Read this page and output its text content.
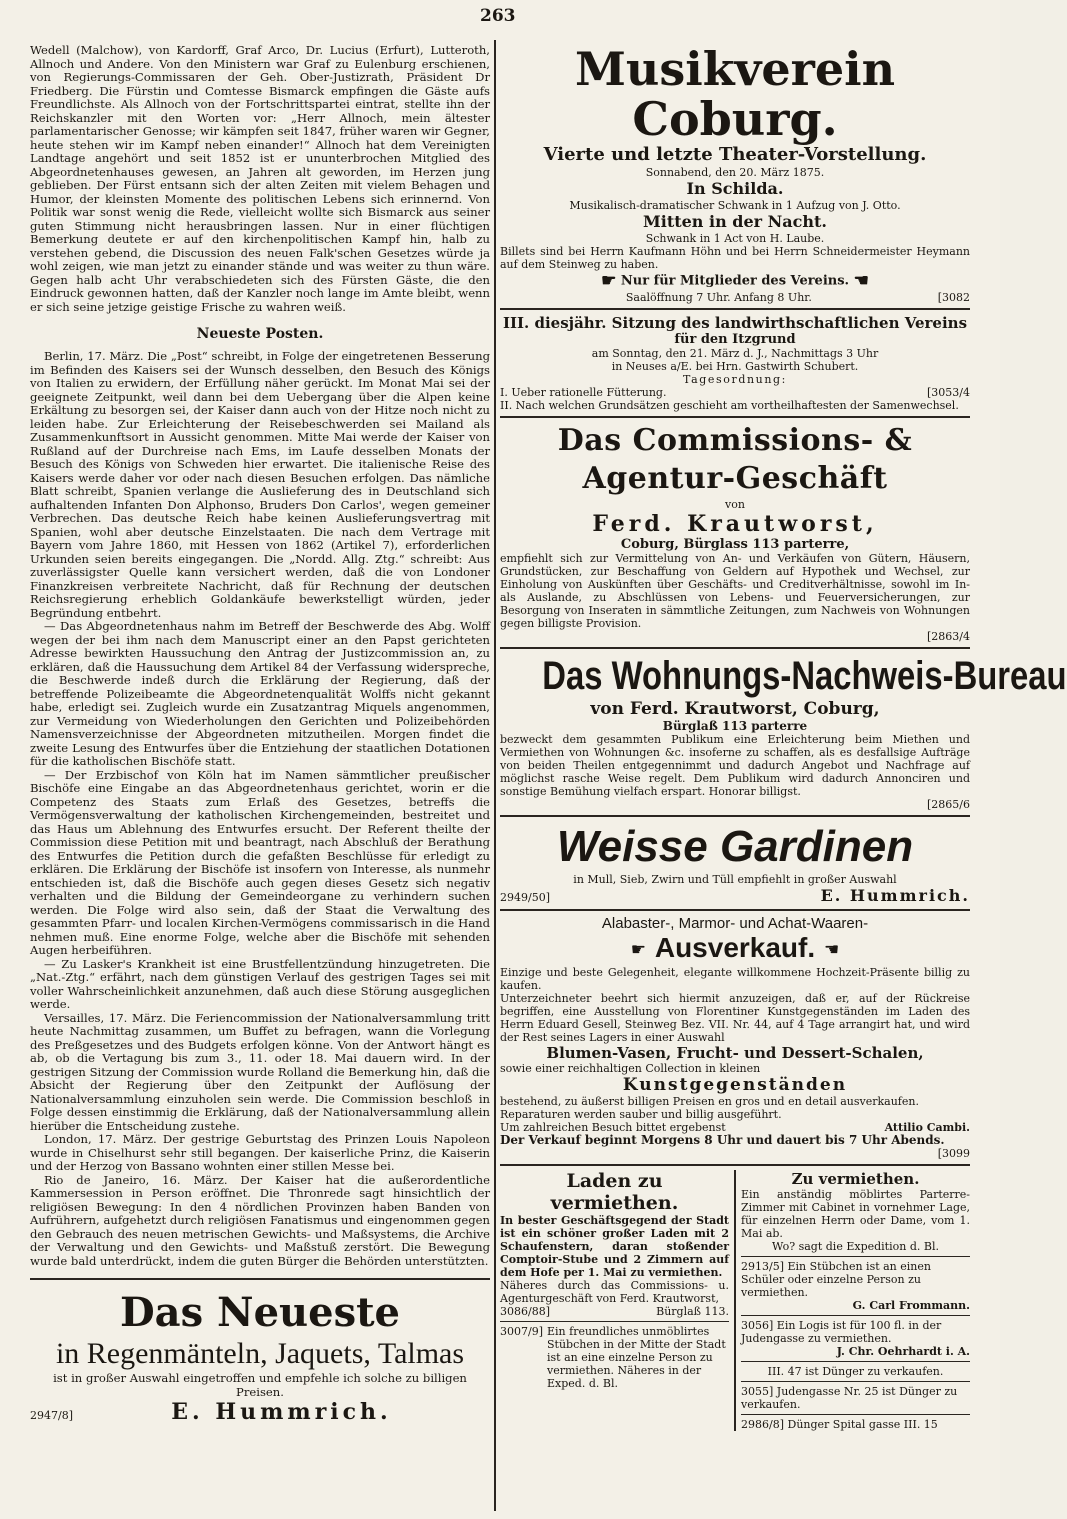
263

Wedell (Malchow), von Kardorff, Graf Arco, Dr. Lucius (Erfurt), Lutteroth, Allnoch und Andere. Von den Ministern war Graf zu Eulenburg erschienen, von Regierungs-Commissaren der Geh. Ober-Justizrath, Präsident Dr Friedberg. Die Fürstin und Comtesse Bismarck empfingen die Gäste aufs Freundlichste. Als Allnoch von der Fortschrittspartei eintrat, stellte ihn der Reichskanzler mit den Worten vor: „Herr Allnoch, mein ältester parlamentarischer Genosse; wir kämpfen seit 1847, früher waren wir Gegner, heute stehen wir im Kampf neben einander!“ Allnoch hat dem Vereinigten Landtage angehört und seit 1852 ist er ununterbrochen Mitglied des Abgeordnetenhauses gewesen, an Jahren alt geworden, im Herzen jung geblieben. Der Fürst entsann sich der alten Zeiten mit vielem Behagen und Humor, der kleinsten Momente des politischen Lebens sich erinnernd. Von Politik war sonst wenig die Rede, vielleicht wollte sich Bismarck aus seiner guten Stimmung nicht herausbringen lassen. Nur in einer flüchtigen Bemerkung deutete er auf den kirchenpolitischen Kampf hin, halb zu verstehen gebend, die Discussion des neuen Falk'schen Gesetzes würde ja wohl zeigen, wie man jetzt zu einander stände und was weiter zu thun wäre. Gegen halb acht Uhr verabschiedeten sich des Fürsten Gäste, die den Eindruck gewonnen hatten, daß der Kanzler noch lange im Amte bleibt, wenn er sich seine jetzige geistige Frische zu wahren weiß.

Neueste Posten.

Berlin, 17. März. Die „Post“ schreibt, in Folge der eingetretenen Besserung im Befinden des Kaisers sei der Wunsch desselben, den Besuch des Königs von Italien zu erwidern, der Erfüllung näher gerückt. Im Monat Mai sei der geeignete Zeitpunkt, weil dann bei dem Uebergang über die Alpen keine Erkältung zu besorgen sei, der Kaiser dann auch von der Hitze noch nicht zu leiden habe. Zur Erleichterung der Reisebeschwerden sei Mailand als Zusammenkunftsort in Aussicht genommen. Mitte Mai werde der Kaiser von Rußland auf der Durchreise nach Ems, im Laufe desselben Monats der Besuch des Königs von Schweden hier erwartet. Die italienische Reise des Kaisers werde daher vor oder nach diesen Besuchen erfolgen. Das nämliche Blatt schreibt, Spanien verlange die Auslieferung des in Deutschland sich aufhaltenden Infanten Don Alphonso, Bruders Don Carlos', wegen gemeiner Verbrechen. Das deutsche Reich habe keinen Auslieferungsvertrag mit Spanien, wohl aber deutsche Einzelstaaten. Die nach dem Vertrage mit Bayern vom Jahre 1860, mit Hessen von 1862 (Artikel 7), erforderlichen Urkunden seien bereits eingegangen. Die „Nordd. Allg. Ztg.“ schreibt: Aus zuverlässigster Quelle kann versichert werden, daß die von Londoner Finanzkreisen verbreitete Nachricht, daß für Rechnung der deutschen Reichsregierung erheblich Goldankäufe bewerkstelligt würden, jeder Begründung entbehrt.

— Das Abgeordnetenhaus nahm im Betreff der Beschwerde des Abg. Wolff wegen der bei ihm nach dem Manuscript einer an den Papst gerichteten Adresse bewirkten Haussuchung den Antrag der Justizcommission an, zu erklären, daß die Haussuchung dem Artikel 84 der Verfassung widerspreche, die Beschwerde indeß durch die Erklärung der Regierung, daß der betreffende Polizeibeamte die Abgeordnetenqualität Wolffs nicht gekannt habe, erledigt sei. Zugleich wurde ein Zusatzantrag Miquels angenommen, zur Vermeidung von Wiederholungen den Gerichten und Polizeibehörden Namensverzeichnisse der Abgeordneten mitzutheilen. Morgen findet die zweite Lesung des Entwurfes über die Entziehung der staatlichen Dotationen für die katholischen Bischöfe statt.

— Der Erzbischof von Köln hat im Namen sämmtlicher preußischer Bischöfe eine Eingabe an das Abgeordnetenhaus gerichtet, worin er die Competenz des Staats zum Erlaß des Gesetzes, betreffs die Vermögensverwaltung der katholischen Kirchengemeinden, bestreitet und das Haus um Ablehnung des Entwurfes ersucht. Der Referent theilte der Commission diese Petition mit und beantragt, nach Abschluß der Berathung des Entwurfes die Petition durch die gefaßten Beschlüsse für erledigt zu erklären. Die Erklärung der Bischöfe ist insofern von Interesse, als nunmehr entschieden ist, daß die Bischöfe auch gegen dieses Gesetz sich negativ verhalten und die Bildung der Gemeindeorgane zu verhindern suchen werden. Die Folge wird also sein, daß der Staat die Verwaltung des gesammten Pfarr- und localen Kirchen-Vermögens commissarisch in die Hand nehmen muß. Eine enorme Folge, welche aber die Bischöfe mit sehenden Augen herbeiführen.

— Zu Lasker's Krankheit ist eine Brustfellentzündung hinzugetreten. Die „Nat.-Ztg.“ erfährt, nach dem günstigen Verlauf des gestrigen Tages sei mit voller Wahrscheinlichkeit anzunehmen, daß auch diese Störung ausgeglichen werde.

Versailles, 17. März. Die Feriencommission der Nationalversammlung tritt heute Nachmittag zusammen, um Buffet zu befragen, wann die Vorlegung des Preßgesetzes und des Budgets erfolgen könne. Von der Antwort hängt es ab, ob die Vertagung bis zum 3., 11. oder 18. Mai dauern wird. In der gestrigen Sitzung der Commission wurde Rolland die Bemerkung hin, daß die Absicht der Regierung über den Zeitpunkt der Auflösung der Nationalversammlung einzuholen sein werde. Die Commission beschloß in Folge dessen einstimmig die Erklärung, daß der Nationalversammlung allein hierüber die Entscheidung zustehe.

London, 17. März. Der gestrige Geburtstag des Prinzen Louis Napoleon wurde in Chiselhurst sehr still begangen. Der kaiserliche Prinz, die Kaiserin und der Herzog von Bassano wohnten einer stillen Messe bei.

Rio de Janeiro, 16. März. Der Kaiser hat die außerordentliche Kammersession in Person eröffnet. Die Thronrede sagt hinsichtlich der religiösen Bewegung: In den 4 nördlichen Provinzen haben Banden von Aufrührern, aufgehetzt durch religiösen Fanatismus und eingenommen gegen den Gebrauch des neuen metrischen Gewichts- und Maßsystems, die Archive der Verwaltung und den Gewichts- und Maßstuß zerstört. Die Bewegung wurde bald unterdrückt, indem die guten Bürger die Behörden unterstützten.

Das Neueste
in Regenmänteln, Jaquets, Talmas

ist in großer Auswahl eingetroffen und empfehle ich solche zu billigen Preisen.

2947/8]	E. Hummrich.
Musikverein Coburg.
Vierte und letzte Theater-Vorstellung.
Sonnabend, den 20. März 1875.
In Schilda.
Musikalisch-dramatischer Schwank in 1 Aufzug von J. Otto.
Mitten in der Nacht.
Schwank in 1 Act von H. Laube.

Billets sind bei Herrn Kaufmann Höhn und bei Herrn Schneidermeister Heymann auf dem Steinweg zu haben.

☛ Nur für Mitglieder des Vereins. ☚
Saalöffnung 7 Uhr. Anfang 8 Uhr.	[3082
III. diesjähr. Sitzung des landwirthschaftlichen Vereins
für den Itzgrund
am Sonntag, den 21. März d. J., Nachmittags 3 Uhr
in Neuses a/E. bei Hrn. Gastwirth Schubert.
Tagesordnung:
I. Ueber rationelle Fütterung.	[3053/4
II. Nach welchen Grundsätzen geschieht am vortheilhaftesten der Samenwechsel.
Das Commissions- & Agentur-Geschäft
von
Ferd. Krautworst,
Coburg, Bürglass 113 parterre,

empfiehlt sich zur Vermittelung von An- und Verkäufen von Gütern, Häusern, Grundstücken, zur Beschaffung von Geldern auf Hypothek und Wechsel, zur Einholung von Auskünften über Geschäfts- und Creditverhältnisse, sowohl im In- als Auslande, zu Abschlüssen von Lebens- und Feuerversicherungen, zur Besorgung von Inseraten in sämmtliche Zeitungen, zum Nachweis von Wohnungen gegen billigste Provision.

[2863/4
Das Wohnungs-Nachweis-Bureau
von Ferd. Krautworst, Coburg,
Bürglaß 113 parterre

bezweckt dem gesammten Publikum eine Erleichterung beim Miethen und Vermiethen von Wohnungen &c. insoferne zu schaffen, als es desfallsige Aufträge von beiden Theilen entgegennimmt und dadurch Angebot und Nachfrage auf möglichst rasche Weise regelt. Dem Publikum wird dadurch Annonciren und sonstige Bemühung vielfach erspart. Honorar billigst.

[2865/6
Weisse Gardinen
in Mull, Sieb, Zwirn und Tüll empfiehlt in großer Auswahl
2949/50]	E. Hummrich.
Alabaster-, Marmor- und Achat-Waaren-
☛ Ausverkauf. ☚

Einzige und beste Gelegenheit, elegante willkommene Hochzeit-Präsente billig zu kaufen.

Unterzeichneter beehrt sich hiermit anzuzeigen, daß er, auf der Rückreise begriffen, eine Ausstellung von Florentiner Kunstgegenständen im Laden des Herrn Eduard Gesell, Steinweg Bez. VII. Nr. 44, auf 4 Tage arrangirt hat, und wird der Rest seines Lagers in einer Auswahl

Blumen-Vasen, Frucht- und Dessert-Schalen,
sowie einer reichhaltigen Collection in kleinen
Kunstgegenständen

bestehend, zu äußerst billigen Preisen en gros und en detail ausverkaufen.

Reparaturen werden sauber und billig ausgeführt.

Um zahlreichen Besuch bittet ergebenst	Attilio Cambi.

Der Verkauf beginnt Morgens 8 Uhr und dauert bis 7 Uhr Abends.

[3099
Laden zu vermiethen.

In bester Geschäftsgegend der Stadt ist ein schöner großer Laden mit 2 Schaufenstern, daran stoßender Comptoir-Stube und 2 Zimmern auf dem Hofe per 1. Mai zu vermiethen.

Näheres durch das Commissions- u. Agenturgeschäft von Ferd. Krautworst,

3086/88]	Bürglaß 113.
3007/9] Ein freundliches unmöblirtes Stübchen in der Mitte der Stadt ist an eine einzelne Person zu vermiethen. Näheres in der Exped. d. Bl.
Zu vermiethen.

Ein anständig möblirtes Parterre-Zimmer mit Cabinet in vornehmer Lage, für einzelnen Herrn oder Dame, vom 1. Mai ab.

Wo? sagt die Expedition d. Bl.
2913/5] Ein Stübchen ist an einen Schüler oder einzelne Person zu vermiethen.
G. Carl Frommann.
3056] Ein Logis ist für 100 fl. in der Judengasse zu vermiethen.
J. Chr. Oehrhardt i. A.
III. 47 ist Dünger zu verkaufen.
3055] Judengasse Nr. 25 ist Dünger zu verkaufen.
2986/8] Dünger Spital gasse III. 15
